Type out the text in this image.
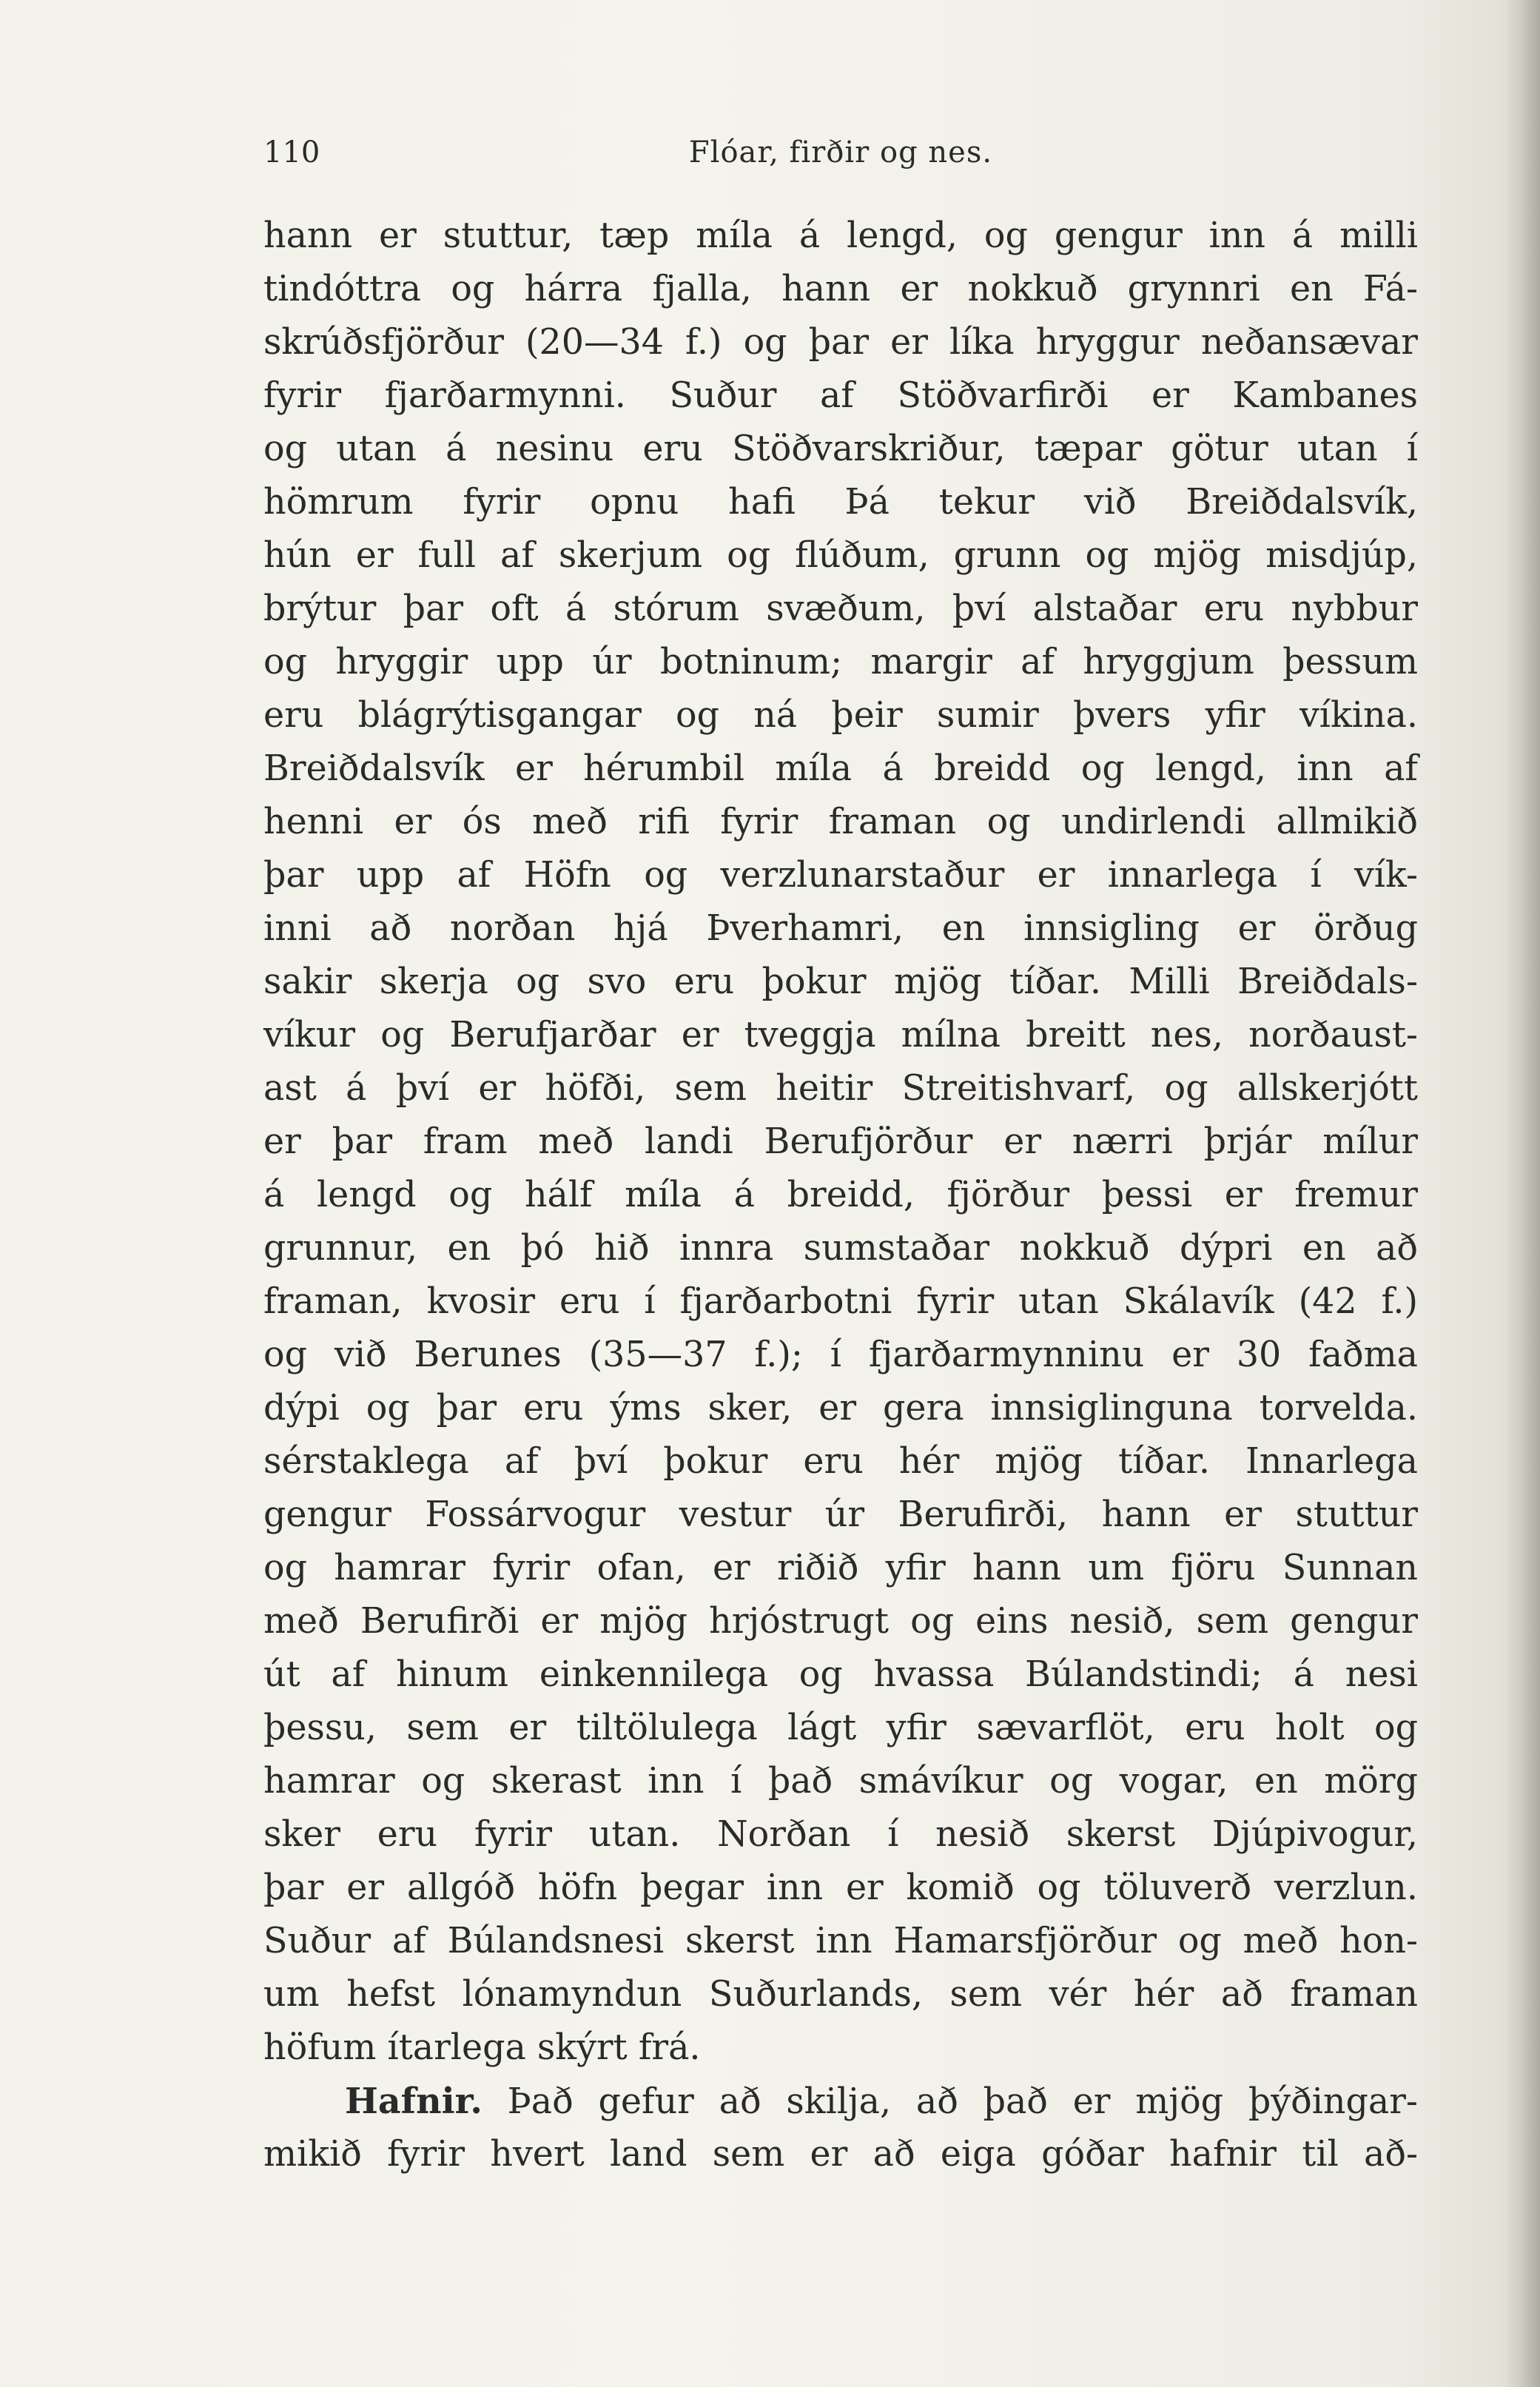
110	Flóar, firðir og nes.
hann er stuttur, tæp míla á lengd, og gengur inn á milli
tindóttra og hárra fjalla, hann er nokkuð grynnri en Fá-
skrúðsfjörður (20—34 f.) og þar er líka hryggur neðansævar
fyrir fjarðarmynni. Suður af Stöðvarfirði er Kambanes
og utan á nesinu eru Stöðvarskriður, tæpar götur utan í
hömrum fyrir opnu hafi Þá tekur við Breiðdalsvík,
hún er full af skerjum og flúðum, grunn og mjög misdjúp,
brýtur þar oft á stórum svæðum, því alstaðar eru nybbur
og hryggir upp úr botninum; margir af hryggjum þessum
eru blágrýtisgangar og ná þeir sumir þvers yfir víkina.
Breiðdalsvík er hérumbil míla á breidd og lengd, inn af
henni er ós með rifi fyrir framan og undirlendi allmikið
þar upp af Höfn og verzlunarstaður er innarlega í vík-
inni að norðan hjá Þverhamri, en innsigling er örðug
sakir skerja og svo eru þokur mjög tíðar. Milli Breiðdals-
víkur og Berufjarðar er tveggja mílna breitt nes, norðaust-
ast á því er höfði, sem heitir Streitishvarf, og allskerjótt
er þar fram með landi Berufjörður er nærri þrjár mílur
á lengd og hálf míla á breidd, fjörður þessi er fremur
grunnur, en þó hið innra sumstaðar nokkuð dýpri en að
framan, kvosir eru í fjarðarbotni fyrir utan Skálavík (42 f.)
og við Berunes (35—37 f.); í fjarðarmynninu er 30 faðma
dýpi og þar eru ýms sker, er gera innsiglinguna torvelda.
sérstaklega af því þokur eru hér mjög tíðar. Innarlega
gengur Fossárvogur vestur úr Berufirði, hann er stuttur
og hamrar fyrir ofan, er riðið yfir hann um fjöru Sunnan
með Berufirði er mjög hrjóstrugt og eins nesið, sem gengur
út af hinum einkennilega og hvassa Búlandstindi; á nesi
þessu, sem er tiltölulega lágt yfir sævarflöt, eru holt og
hamrar og skerast inn í það smávíkur og vogar, en mörg
sker eru fyrir utan. Norðan í nesið skerst Djúpivogur,
þar er allgóð höfn þegar inn er komið og töluverð verzlun.
Suður af Búlandsnesi skerst inn Hamarsfjörður og með hon-
um hefst lónamyndun Suðurlands, sem vér hér að framan
höfum ítarlega skýrt frá.
Hafnir. Það gefur að skilja, að það er mjög þýðingar-
mikið fyrir hvert land sem er að eiga góðar hafnir til að-
